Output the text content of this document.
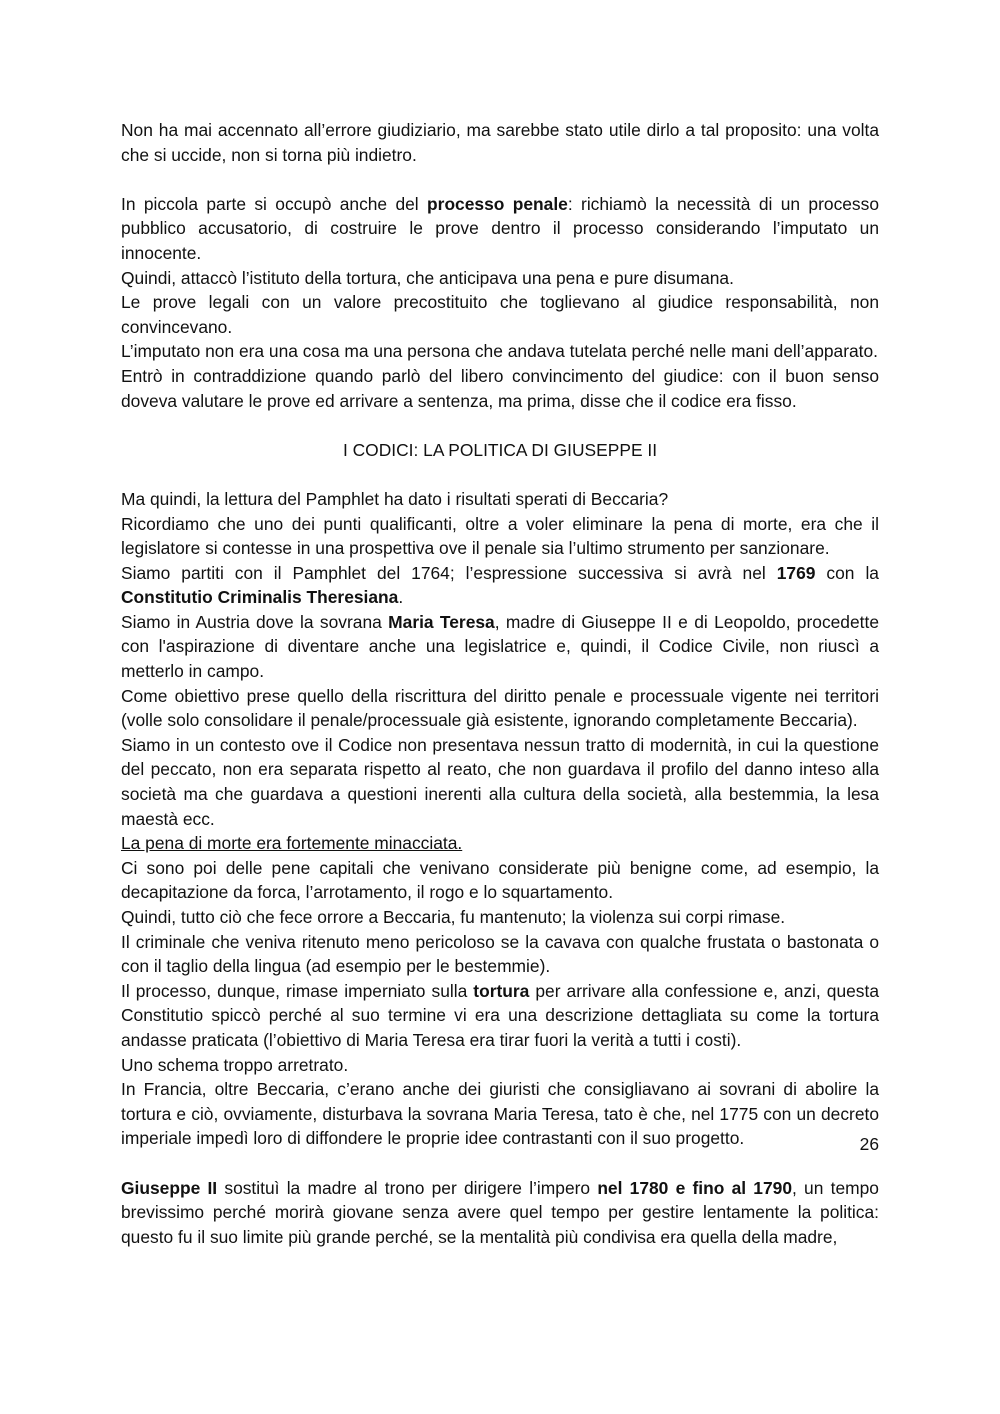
Non ha mai accennato all’errore giudiziario, ma sarebbe stato utile dirlo a tal proposito: una volta che si uccide, non si torna più indietro.

In piccola parte si occupò anche del processo penale: richiamò la necessità di un processo pubblico accusatorio, di costruire le prove dentro il processo considerando l’imputato un innocente.

Quindi, attaccò l’istituto della tortura, che anticipava una pena e pure disumana.

Le prove legali con un valore precostituito che toglievano al giudice responsabilità, non convincevano.

L’imputato non era una cosa ma una persona che andava tutelata perché nelle mani dell’apparato.

Entrò in contraddizione quando parlò del libero convincimento del giudice: con il buon senso doveva valutare le prove ed arrivare a sentenza, ma prima, disse che il codice era fisso.

I CODICI: LA POLITICA DI GIUSEPPE II

Ma quindi, la lettura del Pamphlet ha dato i risultati sperati di Beccaria?

Ricordiamo che uno dei punti qualificanti, oltre a voler eliminare la pena di morte, era che il legislatore si contesse in una prospettiva ove il penale sia l’ultimo strumento per sanzionare.

Siamo partiti con il Pamphlet del 1764; l’espressione successiva si avrà nel 1769 con la Constitutio Criminalis Theresiana.

Siamo in Austria dove la sovrana Maria Teresa, madre di Giuseppe II e di Leopoldo, procedette con l'aspirazione di diventare anche una legislatrice e, quindi, il Codice Civile, non riuscì a metterlo in campo.

Come obiettivo prese quello della riscrittura del diritto penale e processuale vigente nei territori (volle solo consolidare il penale/processuale già esistente, ignorando completamente Beccaria).

Siamo in un contesto ove il Codice non presentava nessun tratto di modernità, in cui la questione del peccato, non era separata rispetto al reato, che non guardava il profilo del danno inteso alla società ma che guardava a questioni inerenti alla cultura della società, alla bestemmia, la lesa maestà ecc.

La pena di morte era fortemente minacciata.

Ci sono poi delle pene capitali che venivano considerate più benigne come, ad esempio, la decapitazione da forca, l’arrotamento, il rogo e lo squartamento.

Quindi, tutto ciò che fece orrore a Beccaria, fu mantenuto; la violenza sui corpi rimase.

Il criminale che veniva ritenuto meno pericoloso se la cavava con qualche frustata o bastonata o con il taglio della lingua (ad esempio per le bestemmie).

Il processo, dunque, rimase imperniato sulla tortura per arrivare alla confessione e, anzi, questa Constitutio spiccò perché al suo termine vi era una descrizione dettagliata su come la tortura andasse praticata (l’obiettivo di Maria Teresa era tirar fuori la verità a tutti i costi).

Uno schema troppo arretrato.

In Francia, oltre Beccaria, c’erano anche dei giuristi che consigliavano ai sovrani di abolire la tortura e ciò, ovviamente, disturbava la sovrana Maria Teresa, tato è che, nel 1775 con un decreto imperiale impedì loro di diffondere le proprie idee contrastanti con il suo progetto.

Giuseppe II sostituì la madre al trono per dirigere l’impero nel 1780 e fino al 1790, un tempo brevissimo perché morirà giovane senza avere quel tempo per gestire lentamente la politica: questo fu il suo limite più grande perché, se la mentalità più condivisa era quella della madre,

26
